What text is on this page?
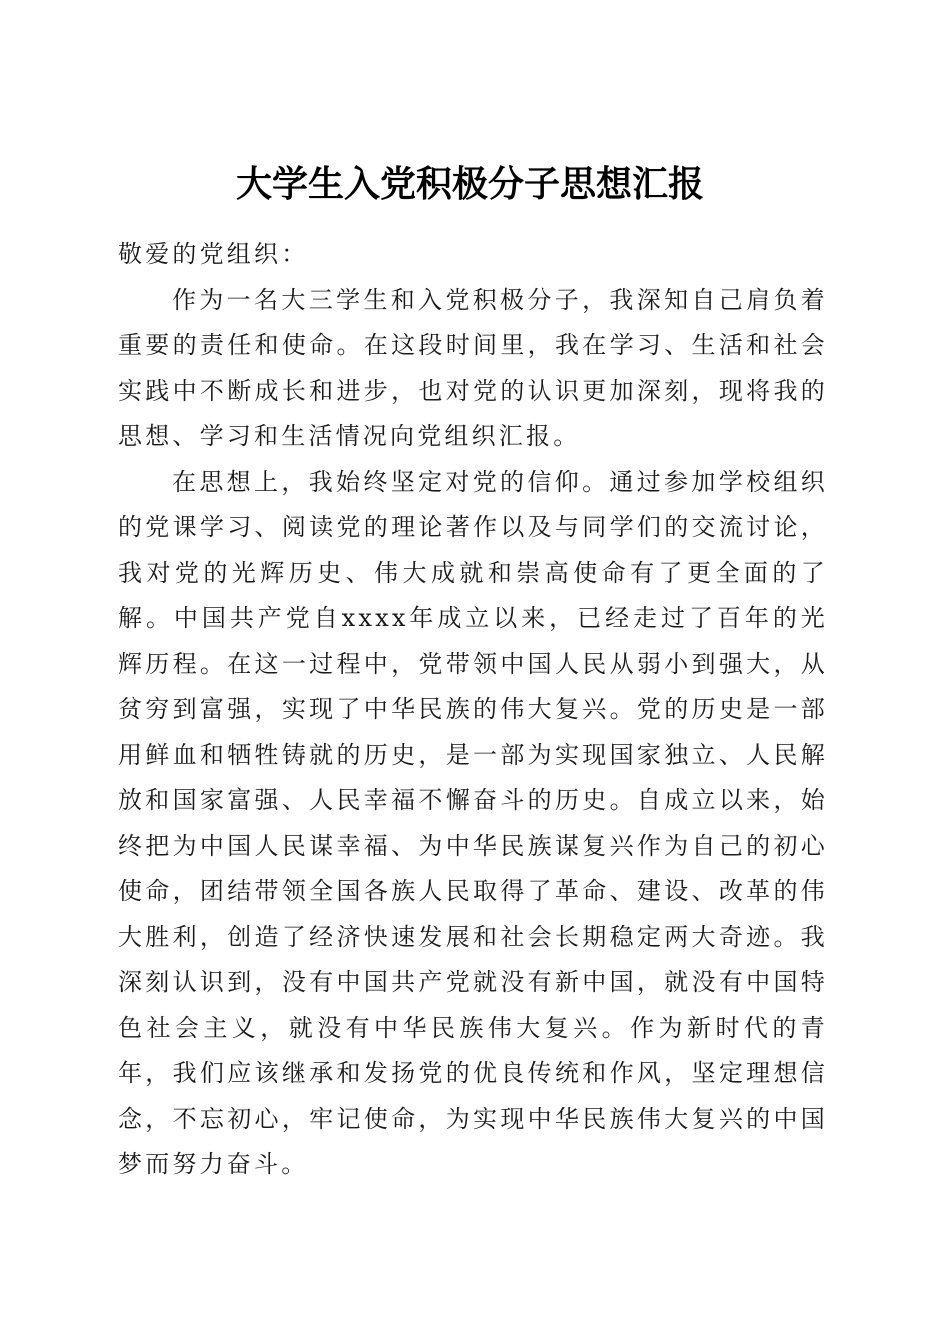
大学生入党积极分子思想汇报

敬爱的党组织：

作为一名大三学生和入党积极分子，我深知自己肩负着重要的责任和使命。在这段时间里，我在学习、生活和社会实践中不断成长和进步，也对党的认识更加深刻，现将我的思想、学习和生活情况向党组织汇报。

在思想上，我始终坚定对党的信仰。通过参加学校组织的党课学习、阅读党的理论著作以及与同学们的交流讨论，我对党的光辉历史、伟大成就和崇高使命有了更全面的了解。中国共产党自xxxx年成立以来，已经走过了百年的光辉历程。在这一过程中，党带领中国人民从弱小到强大，从贫穷到富强，实现了中华民族的伟大复兴。党的历史是一部用鲜血和牺牲铸就的历史，是一部为实现国家独立、人民解放和国家富强、人民幸福不懈奋斗的历史。自成立以来，始终把为中国人民谋幸福、为中华民族谋复兴作为自己的初心使命，团结带领全国各族人民取得了革命、建设、改革的伟大胜利，创造了经济快速发展和社会长期稳定两大奇迹。我深刻认识到，没有中国共产党就没有新中国，就没有中国特色社会主义，就没有中华民族伟大复兴。作为新时代的青年，我们应该继承和发扬党的优良传统和作风，坚定理想信念，不忘初心，牢记使命，为实现中华民族伟大复兴的中国梦而努力奋斗。
